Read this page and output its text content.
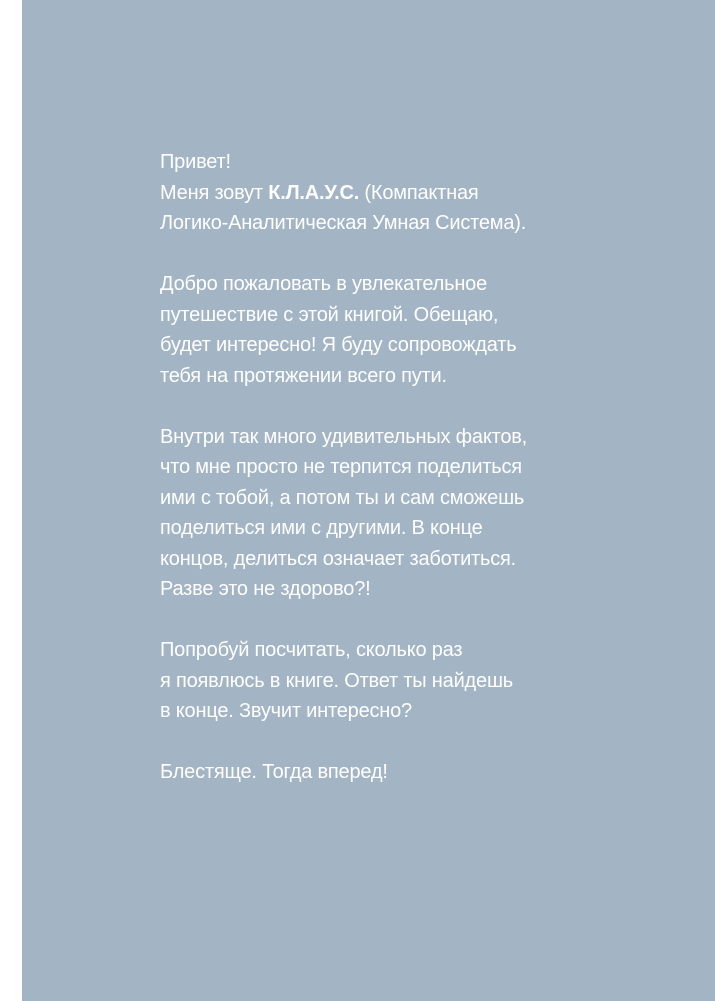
Привет!
Меня зовут К.Л.А.У.С. (Компактная
Логико-Аналитическая Умная Система).

Добро пожаловать в увлекательное
путешествие с этой книгой. Обещаю,
будет интересно! Я буду сопровождать
тебя на протяжении всего пути.

Внутри так много удивительных фактов,
что мне просто не терпится поделиться
ими с тобой, а потом ты и сам сможешь
поделиться ими с другими. В конце
концов, делиться означает заботиться.
Разве это не здорово?!

Попробуй посчитать, сколько раз
я появлюсь в книге. Ответ ты найдешь
в конце. Звучит интересно?

Блестяще. Тогда вперед!
